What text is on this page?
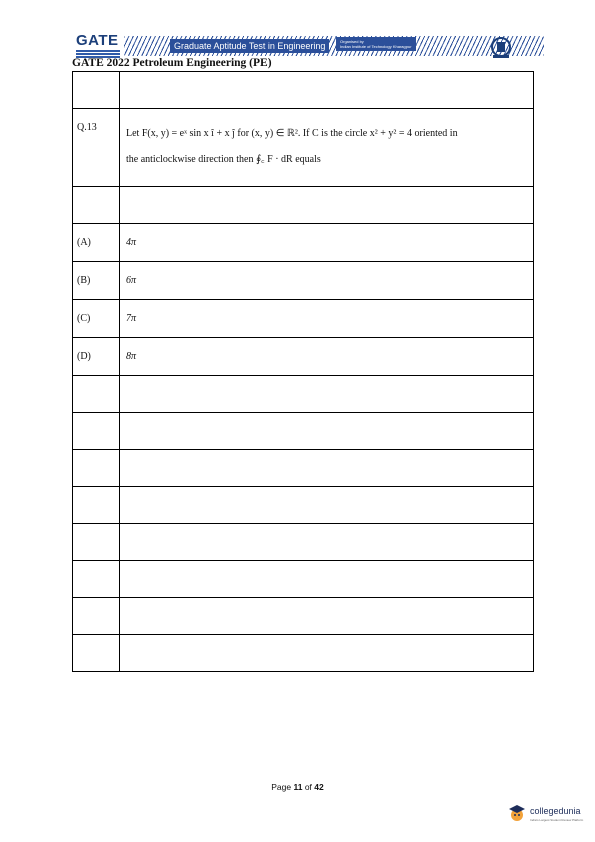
GATE	Graduate Aptitude Test in Engineering	Organised by
Indian Institute of Technology Kharagpur
GATE 2022 Petroleum Engineering (PE)

Q.13	Let F(x, y) = eˣ sin x î + x ĵ for (x, y) ∈ ℝ². If C is the circle x² + y² = 4 oriented in
the anticlockwise direction then ∮꜀ F · dR equals

(A)	4π

(B)	6π

(C)	7π

(D)	8π

Page 11 of 42
collegedunia
India's Largest Student Review Platform
